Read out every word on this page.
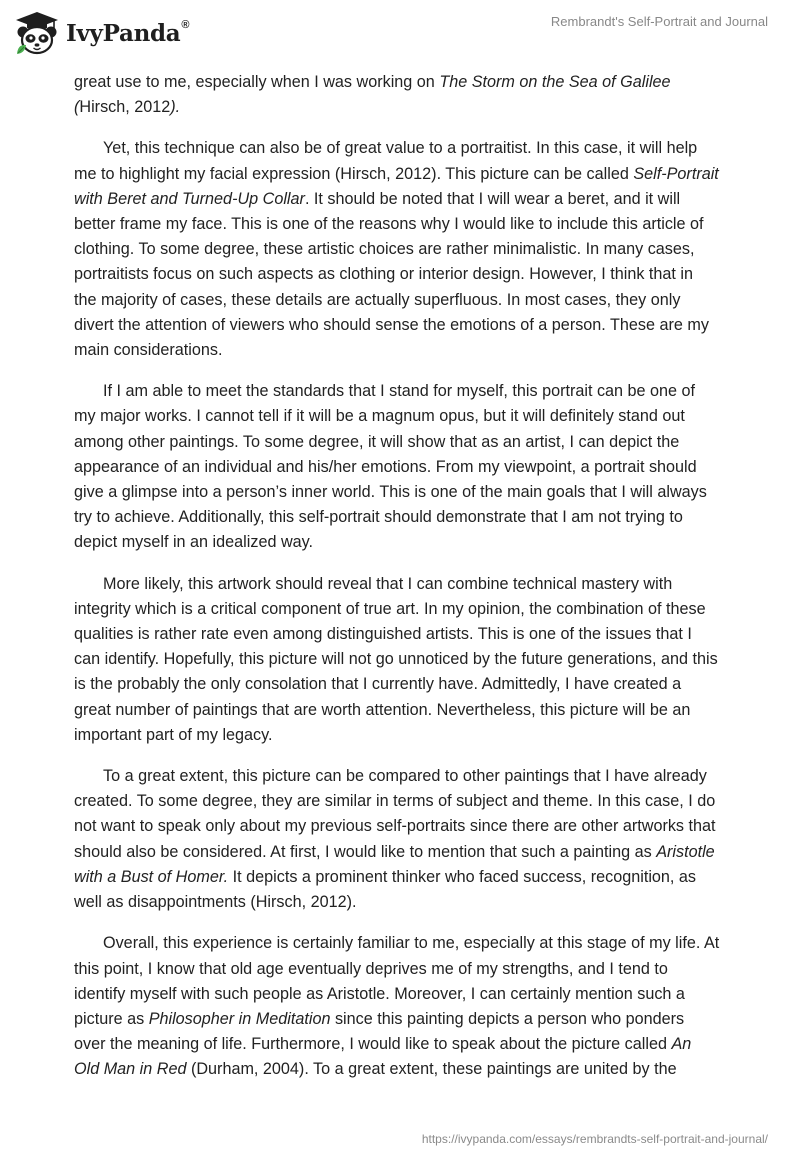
IvyPanda®	Rembrandt's Self-Portrait and Journal

great use to me, especially when I was working on The Storm on the Sea of Galilee (Hirsch, 2012).

Yet, this technique can also be of great value to a portraitist. In this case, it will help me to highlight my facial expression (Hirsch, 2012). This picture can be called Self-Portrait with Beret and Turned-Up Collar. It should be noted that I will wear a beret, and it will better frame my face. This is one of the reasons why I would like to include this article of clothing. To some degree, these artistic choices are rather minimalistic. In many cases, portraitists focus on such aspects as clothing or interior design. However, I think that in the majority of cases, these details are actually superfluous. In most cases, they only divert the attention of viewers who should sense the emotions of a person. These are my main considerations.

If I am able to meet the standards that I stand for myself, this portrait can be one of my major works. I cannot tell if it will be a magnum opus, but it will definitely stand out among other paintings. To some degree, it will show that as an artist, I can depict the appearance of an individual and his/her emotions. From my viewpoint, a portrait should give a glimpse into a person’s inner world. This is one of the main goals that I will always try to achieve. Additionally, this self-portrait should demonstrate that I am not trying to depict myself in an idealized way.

More likely, this artwork should reveal that I can combine technical mastery with integrity which is a critical component of true art. In my opinion, the combination of these qualities is rather rate even among distinguished artists. This is one of the issues that I can identify. Hopefully, this picture will not go unnoticed by the future generations, and this is the probably the only consolation that I currently have. Admittedly, I have created a great number of paintings that are worth attention. Nevertheless, this picture will be an important part of my legacy.

To a great extent, this picture can be compared to other paintings that I have already created. To some degree, they are similar in terms of subject and theme. In this case, I do not want to speak only about my previous self-portraits since there are other artworks that should also be considered. At first, I would like to mention that such a painting as Aristotle with a Bust of Homer. It depicts a prominent thinker who faced success, recognition, as well as disappointments (Hirsch, 2012).

Overall, this experience is certainly familiar to me, especially at this stage of my life. At this point, I know that old age eventually deprives me of my strengths, and I tend to identify myself with such people as Aristotle. Moreover, I can certainly mention such a picture as Philosopher in Meditation since this painting depicts a person who ponders over the meaning of life. Furthermore, I would like to speak about the picture called An Old Man in Red (Durham, 2004). To a great extent, these paintings are united by the

https://ivypanda.com/essays/rembrandts-self-portrait-and-journal/
